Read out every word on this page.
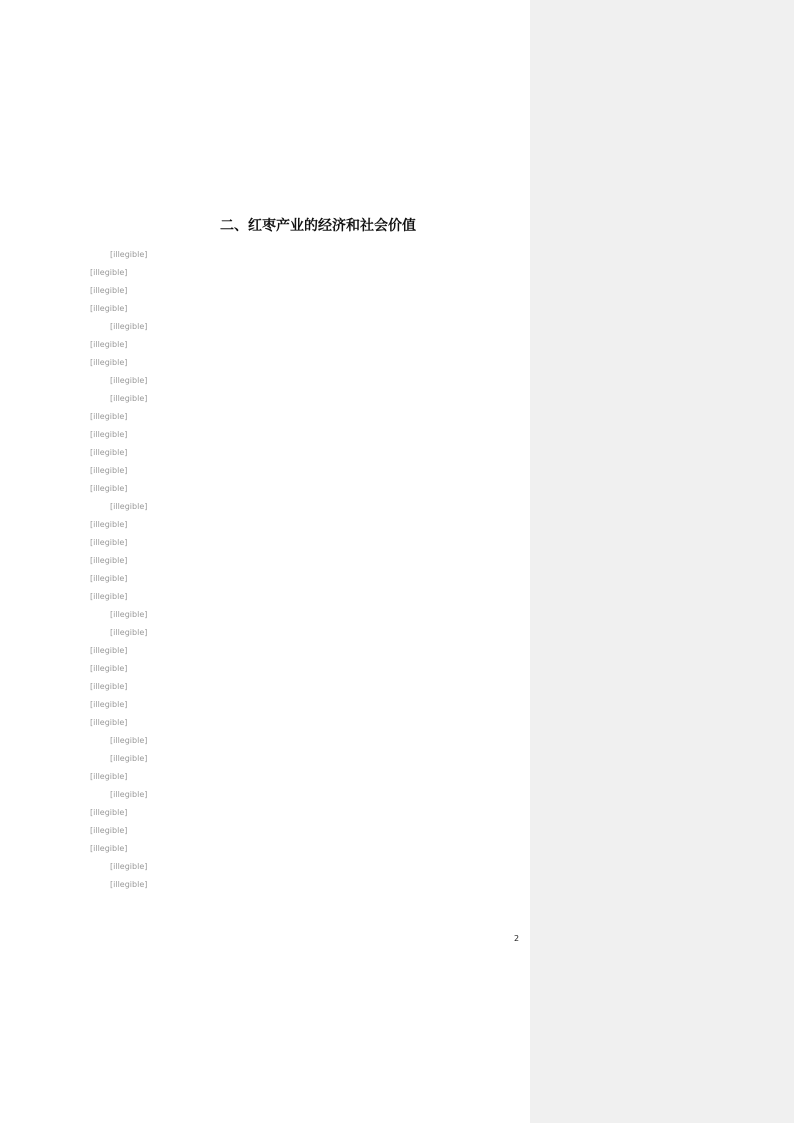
二、红枣产业的经济和社会价值

[illegible]

[illegible]

[illegible]

[illegible]

[illegible]

[illegible]

[illegible]

[illegible]

[illegible]

[illegible]

[illegible]

[illegible]

[illegible]

[illegible]

[illegible]

[illegible]

[illegible]

[illegible]

[illegible]

[illegible]

[illegible]

[illegible]

[illegible]

[illegible]

[illegible]

[illegible]

[illegible]

[illegible]

[illegible]

[illegible]

[illegible]

[illegible]

[illegible]

[illegible]

[illegible]

[illegible]

2
